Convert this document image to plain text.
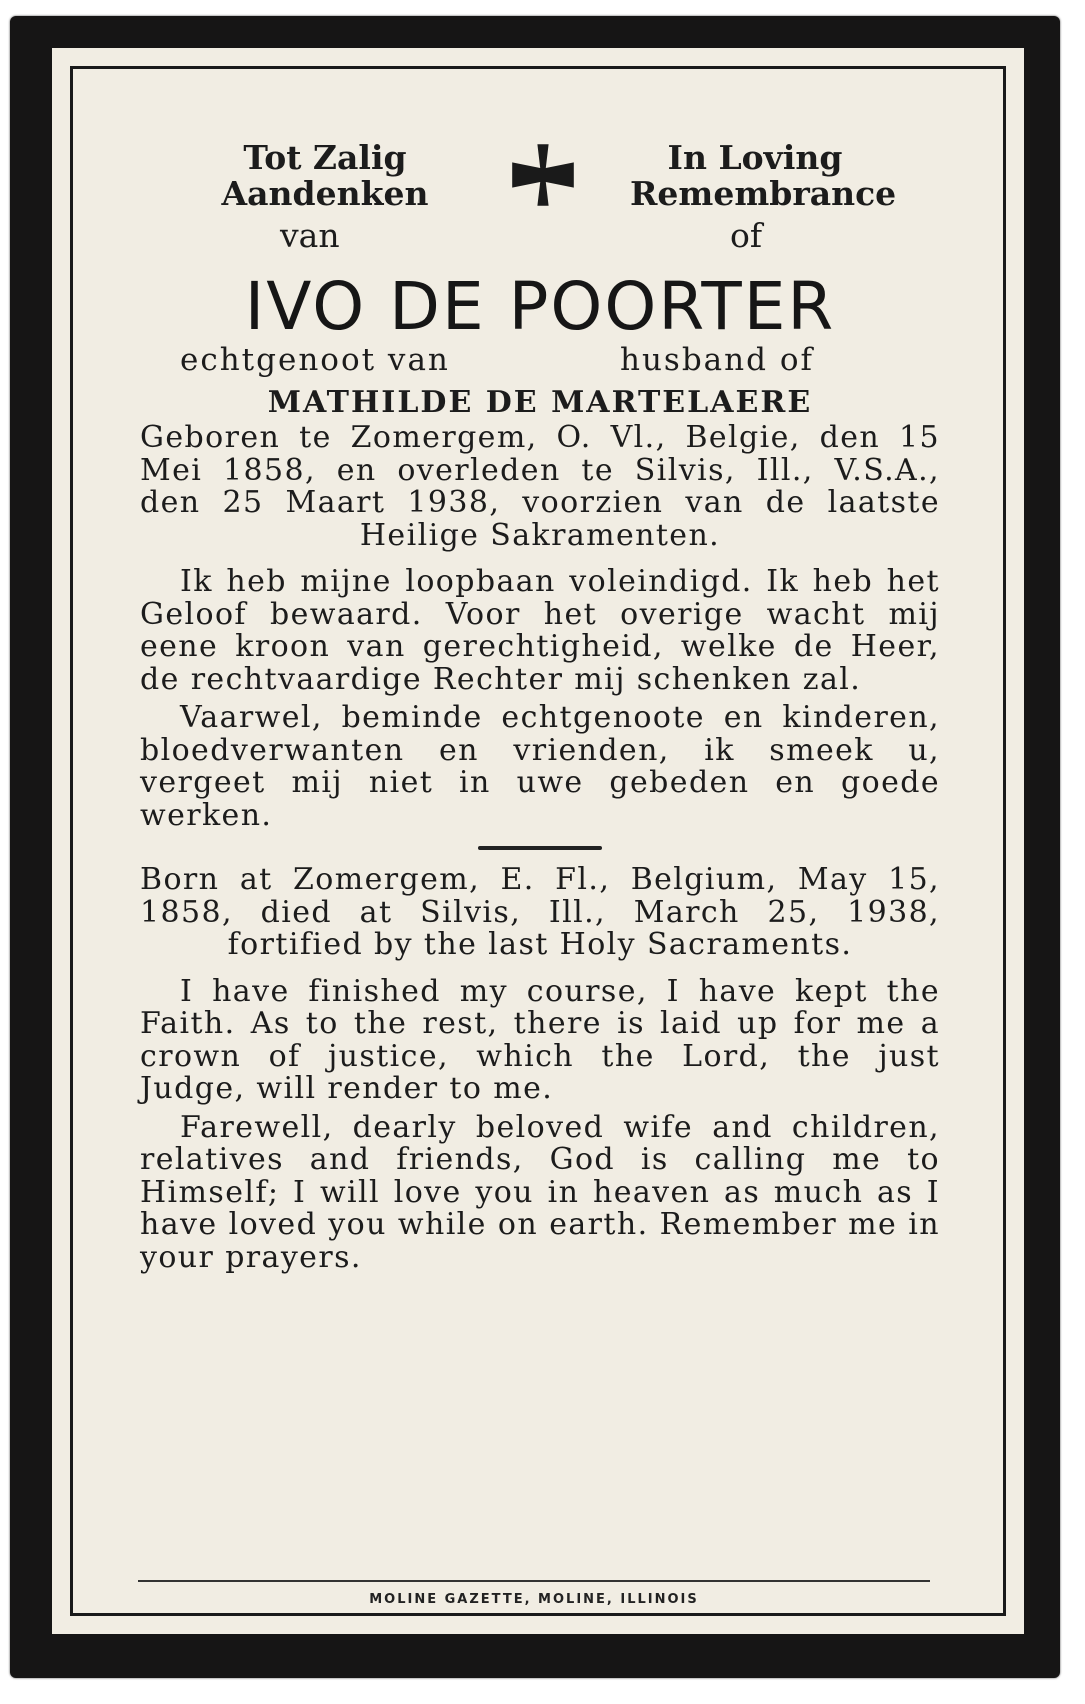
Tot Zalig
Aandenken
In Loving
Remembrance
van	of
IVO DE POORTER
echtgenoot van	husband of
MATHILDE DE MARTELAERE

Geboren te Zomergem, O. Vl., Belgie, den 15 Mei 1858, en overleden te Silvis, Ill., V.S.A., den 25 Maart 1938, voorzien van de laatste Heilige Sakramenten.

Ik heb mijne loopbaan voleindigd. Ik heb het Geloof bewaard. Voor het overige wacht mij eene kroon van gerechtigheid, welke de Heer, de rechtvaardige Rechter mij schenken zal.

Vaarwel, beminde echtgenoote en kinderen, bloedverwanten en vrienden, ik smeek u, vergeet mij niet in uwe gebeden en goede werken.

Born at Zomergem, E. Fl., Belgium, May 15, 1858, died at Silvis, Ill., March 25, 1938, fortified by the last Holy Sacraments.

I have finished my course, I have kept the Faith. As to the rest, there is laid up for me a crown of justice, which the Lord, the just Judge, will render to me.

Farewell, dearly beloved wife and children, relatives and friends, God is calling me to Himself; I will love you in heaven as much as I have loved you while on earth. Remember me in your prayers.

MOLINE GAZETTE, MOLINE, ILLINOIS
